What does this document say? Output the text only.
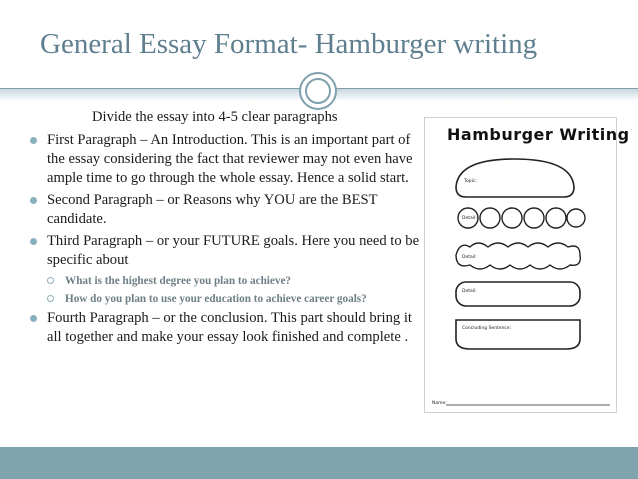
General Essay Format- Hamburger writing
Divide the essay into 4-5 clear paragraphs
First Paragraph – An Introduction. This is an important part of the essay considering the fact that reviewer may not even have ample time to go through the whole essay. Hence a solid start.
Second Paragraph – or Reasons why YOU are the BEST candidate.
Third Paragraph – or your FUTURE goals. Here you need to be specific about
What is the highest degree you plan to achieve?
How do you plan to use your education to achieve career goals?
Fourth Paragraph – or the conclusion. This part should bring it all together and make your essay look finished and complete .
Hamburger Writing
Topic:
Detail:
Detail:
Detail:
Concluding Sentence:
Name:
